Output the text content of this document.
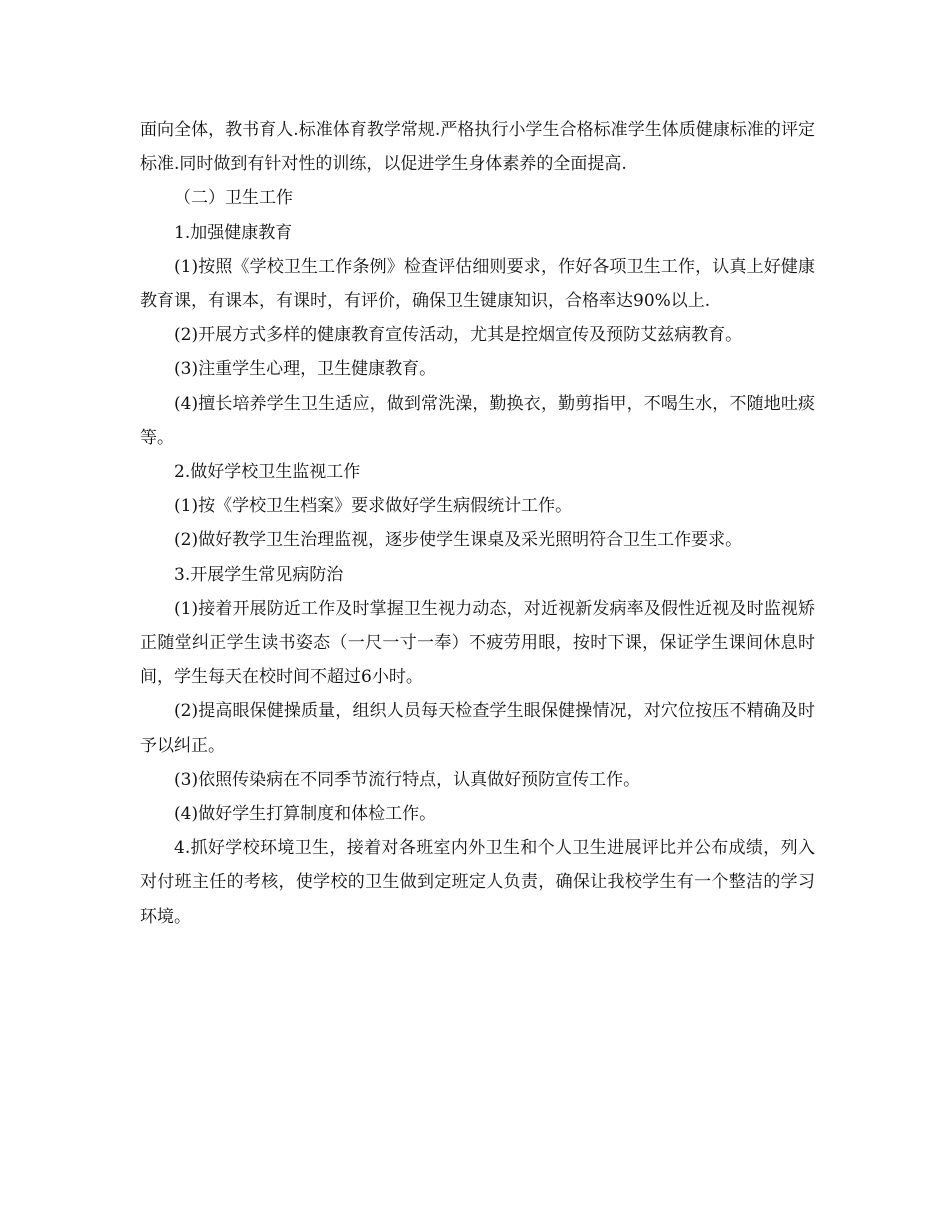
面向全体，教书育人.标准体育教学常规.严格执行小学生合格标准学生体质健康标准的评定标准.同时做到有针对性的训练，以促进学生身体素养的全面提高.

（二）卫生工作

1.加强健康教育

(1)按照《学校卫生工作条例》检查评估细则要求，作好各项卫生工作，认真上好健康教育课，有课本，有课时，有评价，确保卫生键康知识，合格率达90%以上.

(2)开展方式多样的健康教育宣传活动，尤其是控烟宣传及预防艾兹病教育。

(3)注重学生心理，卫生健康教育。

(4)擅长培养学生卫生适应，做到常洗澡，勤换衣，勤剪指甲，不喝生水，不随地吐痰等。

2.做好学校卫生监视工作

(1)按《学校卫生档案》要求做好学生病假统计工作。

(2)做好教学卫生治理监视，逐步使学生课桌及采光照明符合卫生工作要求。

3.开展学生常见病防治

(1)接着开展防近工作及时掌握卫生视力动态，对近视新发病率及假性近视及时监视矫正随堂纠正学生读书姿态（一尺一寸一奉）不疲劳用眼，按时下课，保证学生课间休息时间，学生每天在校时间不超过6小时。

(2)提高眼保健操质量，组织人员每天检查学生眼保健操情况，对穴位按压不精确及时予以纠正。

(3)依照传染病在不同季节流行特点，认真做好预防宣传工作。

(4)做好学生打算制度和体检工作。

4.抓好学校环境卫生，接着对各班室内外卫生和个人卫生进展评比并公布成绩，列入对付班主任的考核，使学校的卫生做到定班定人负责，确保让我校学生有一个整洁的学习环境。
